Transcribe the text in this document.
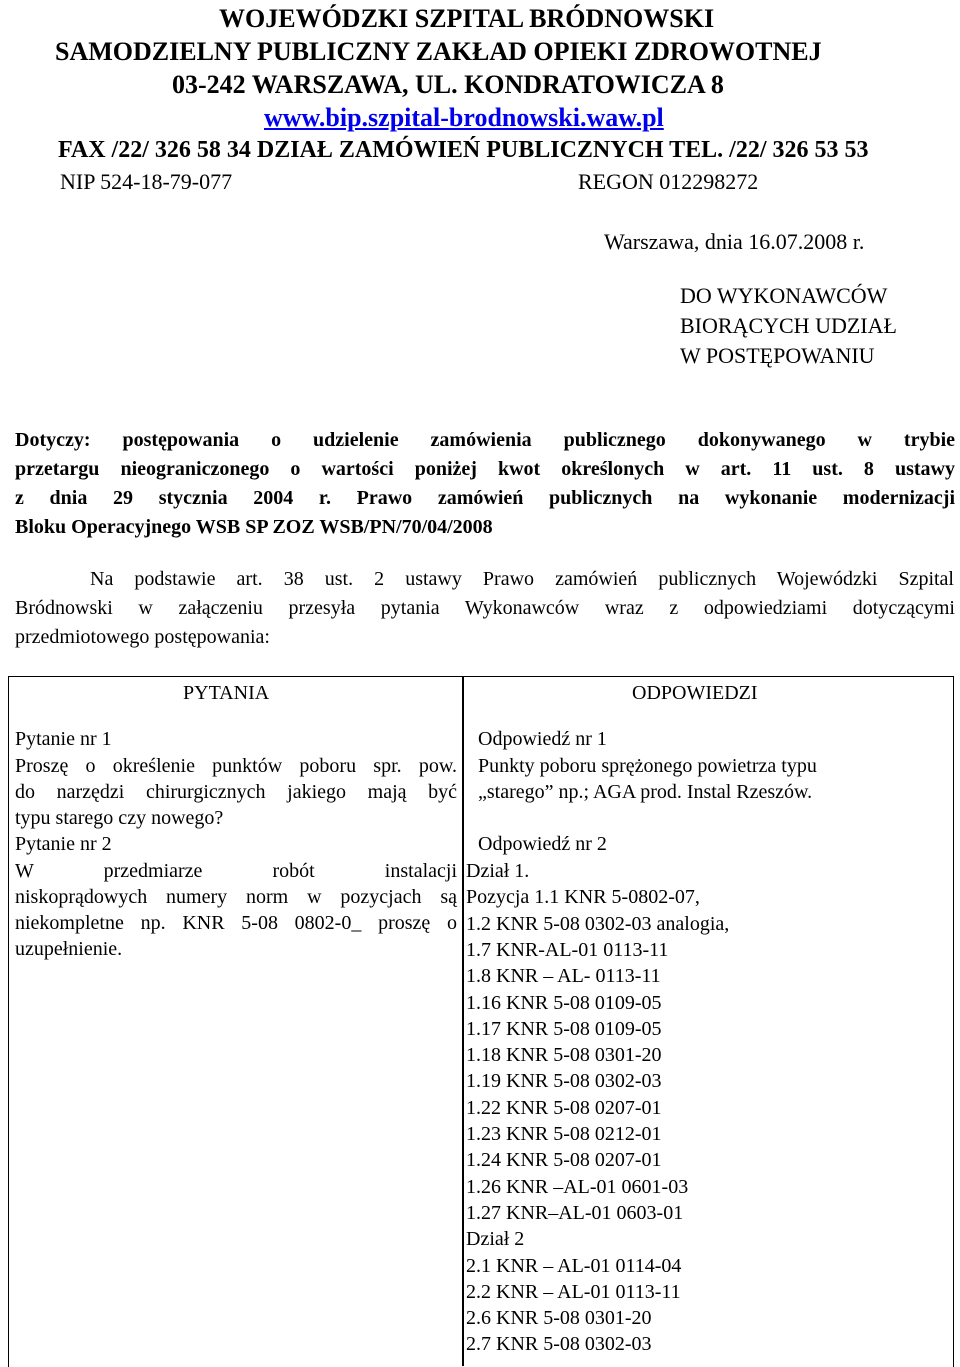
WOJEWÓDZKI SZPITAL BRÓDNOWSKI
SAMODZIELNY PUBLICZNY ZAKŁAD OPIEKI ZDROWOTNEJ
03-242 WARSZAWA, UL. KONDRATOWICZA 8
www.bip.szpital-brodnowski.waw.pl
FAX /22/ 326 58 34 DZIAŁ ZAMÓWIEŃ PUBLICZNYCH TEL. /22/ 326 53 53
NIP 524-18-79-077	REGON 012298272
Warszawa, dnia 16.07.2008 r.
DO WYKONAWCÓW
BIORĄCYCH UDZIAŁ
W POSTĘPOWANIU
Dotyczy: postępowania o udzielenie zamówienia publicznego dokonywanego w trybie
przetargu nieograniczonego o wartości poniżej kwot określonych w art. 11 ust. 8 ustawy
z dnia 29 stycznia 2004 r. Prawo zamówień publicznych na wykonanie modernizacji
Bloku Operacyjnego WSB SP ZOZ WSB/PN/70/04/2008
Na podstawie art. 38 ust. 2 ustawy Prawo zamówień publicznych Wojewódzki Szpital
Bródnowski w załączeniu przesyła pytania Wykonawców wraz z odpowiedziami dotyczącymi
przedmiotowego postępowania:
PYTANIA	ODPOWIEDZI
Pytanie nr 1
Proszę o określenie punktów poboru spr. pow.
do narzędzi chirurgicznych jakiego mają być
typu starego czy nowego?
Odpowiedź nr 1
Punkty poboru sprężonego powietrza typu
„starego” np.; AGA prod. Instal Rzeszów.
Pytanie nr 2
W przedmiarze robót instalacji
niskoprądowych numery norm w pozycjach są
niekompletne np. KNR 5-08 0802-0_ proszę o
uzupełnienie.
Odpowiedź nr 2
Dział 1.
Pozycja 1.1 KNR 5-0802-07,
1.2 KNR 5-08 0302-03 analogia,
1.7 KNR-AL-01 0113-11
1.8 KNR – AL- 0113-11
1.16 KNR 5-08 0109-05
1.17 KNR 5-08 0109-05
1.18 KNR 5-08 0301-20
1.19 KNR 5-08 0302-03
1.22 KNR 5-08 0207-01
1.23 KNR 5-08 0212-01
1.24 KNR 5-08 0207-01
1.26 KNR –AL-01 0601-03
1.27 KNR–AL-01 0603-01
Dział 2
2.1 KNR – AL-01 0114-04
2.2 KNR – AL-01 0113-11
2.6 KNR 5-08 0301-20
2.7 KNR 5-08 0302-03
